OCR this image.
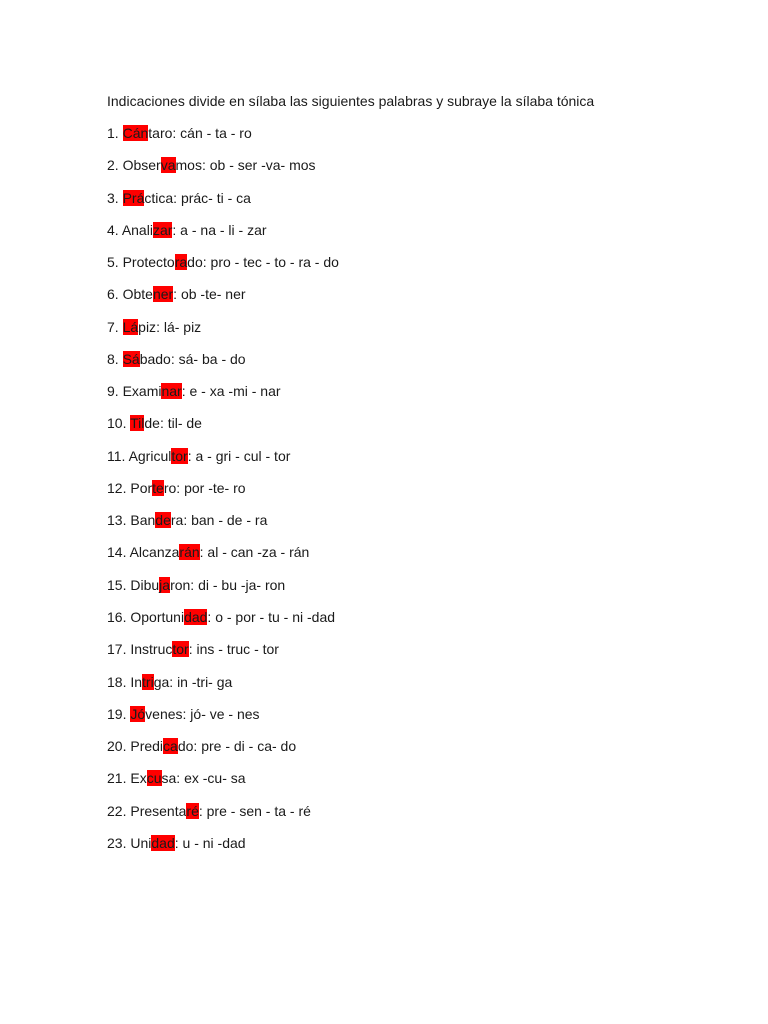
Indicaciones divide en sílaba las siguientes palabras y subraye la sílaba tónica

1. Cántaro: cán - ta - ro
2. Observamos: ob - ser -va- mos
3. Práctica: prác- ti - ca
4. Analizar: a - na - li - zar
5. Protectorado: pro - tec - to - ra - do
6. Obtener: ob -te- ner
7. Lápiz: lá- piz
8. Sábado: sá- ba - do
9. Examinar: e - xa -mi - nar
10. Tilde: til- de
11. Agricultor: a - gri - cul - tor
12. Portero: por -te- ro
13. Bandera: ban - de - ra
14. Alcanzarán: al - can -za - rán
15. Dibujaron: di - bu -ja- ron
16. Oportunidad: o - por - tu - ni -dad
17. Instructor: ins - truc - tor
18. Intriga: in -tri- ga
19. Jóvenes: jó- ve - nes
20. Predicado: pre - di - ca- do
21. Excusa: ex -cu- sa
22. Presentaré: pre - sen - ta - ré
23. Unidad: u - ni -dad
